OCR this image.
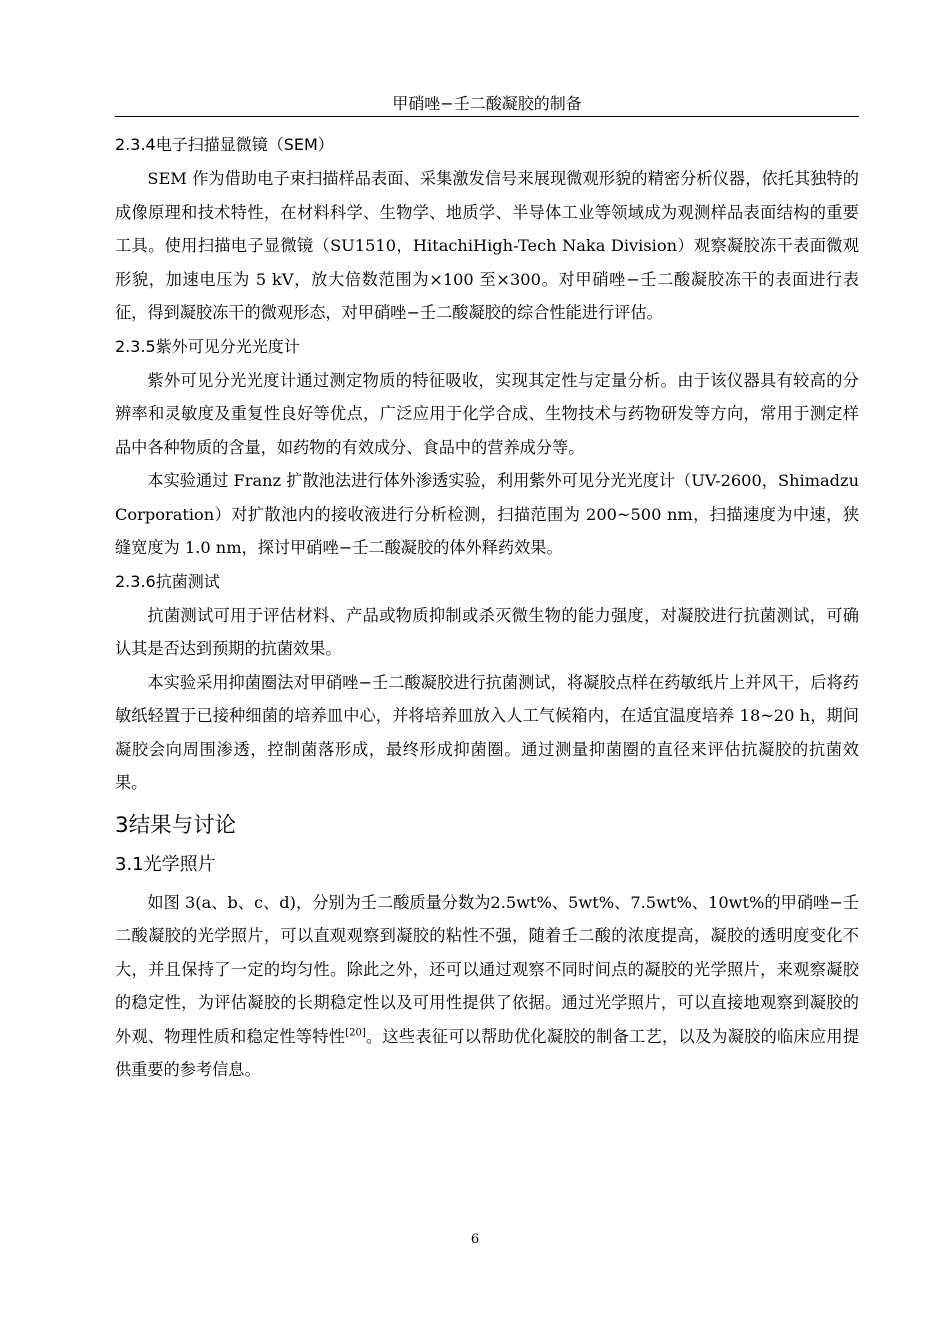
甲硝唑−壬二酸凝胶的制备
2.3.4电子扫描显微镜（SEM）

SEM 作为借助电子束扫描样品表面、采集激发信号来展现微观形貌的精密分析仪器，依托其独特的成像原理和技术特性，在材料科学、生物学、地质学、半导体工业等领域成为观测样品表面结构的重要工具。使用扫描电子显微镜（SU1510，HitachiHigh-Tech Naka Division）观察凝胶冻干表面微观形貌，加速电压为 5 kV，放大倍数范围为×100 至×300。对甲硝唑−壬二酸凝胶冻干的表面进行表征，得到凝胶冻干的微观形态，对甲硝唑−壬二酸凝胶的综合性能进行评估。

2.3.5紫外可见分光光度计

紫外可见分光光度计通过测定物质的特征吸收，实现其定性与定量分析。由于该仪器具有较高的分辨率和灵敏度及重复性良好等优点，广泛应用于化学合成、生物技术与药物研发等方向，常用于测定样品中各种物质的含量，如药物的有效成分、食品中的营养成分等。

本实验通过 Franz 扩散池法进行体外渗透实验，利用紫外可见分光光度计（UV-2600，Shimadzu Corporation）对扩散池内的接收液进行分析检测，扫描范围为 200~500 nm，扫描速度为中速，狭缝宽度为 1.0 nm，探讨甲硝唑−壬二酸凝胶的体外释药效果。

2.3.6抗菌测试

抗菌测试可用于评估材料、产品或物质抑制或杀灭微生物的能力强度，对凝胶进行抗菌测试，可确认其是否达到预期的抗菌效果。

本实验采用抑菌圈法对甲硝唑−壬二酸凝胶进行抗菌测试，将凝胶点样在药敏纸片上并风干，后将药敏纸轻置于已接种细菌的培养皿中心，并将培养皿放入人工气候箱内，在适宜温度培养 18~20 h，期间凝胶会向周围渗透，控制菌落形成，最终形成抑菌圈。通过测量抑菌圈的直径来评估抗凝胶的抗菌效果。

3结果与讨论
3.1光学照片

如图 3(a、b、c、d)，分别为壬二酸质量分数为2.5wt%、5wt%、7.5wt%、10wt%的甲硝唑−壬二酸凝胶的光学照片，可以直观观察到凝胶的粘性不强，随着壬二酸的浓度提高，凝胶的透明度变化不大，并且保持了一定的均匀性。除此之外，还可以通过观察不同时间点的凝胶的光学照片，来观察凝胶的稳定性，为评估凝胶的长期稳定性以及可用性提供了依据。通过光学照片，可以直接地观察到凝胶的外观、物理性质和稳定性等特性[20]。这些表征可以帮助优化凝胶的制备工艺，以及为凝胶的临床应用提供重要的参考信息。

6
